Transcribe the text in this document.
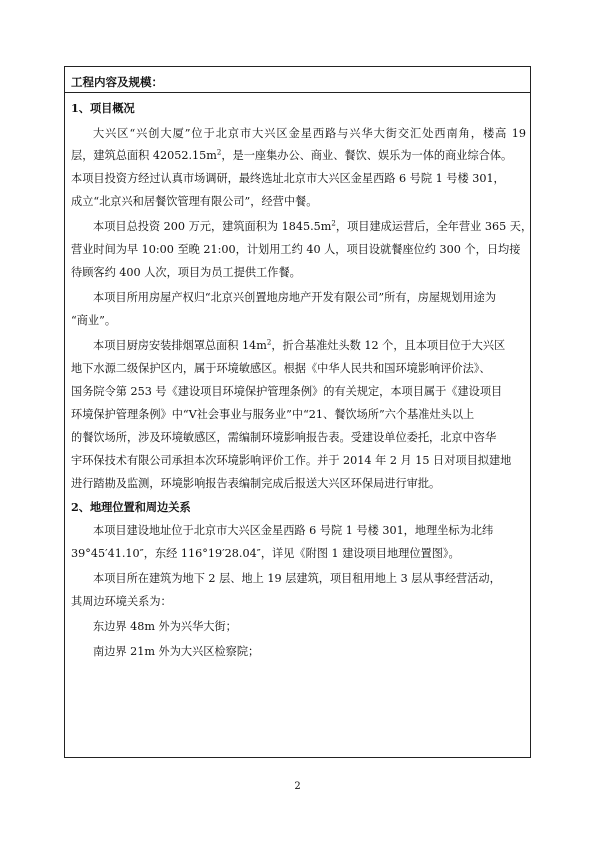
工程内容及规模：
1、项目概况
大兴区“兴创大厦”位于北京市大兴区金星西路与兴华大街交汇处西南角，楼高 19
层，建筑总面积 $42052.15m^2$，是一座集办公、商业、餐饮、娱乐为一体的商业综合体。
本项目投资方经过认真市场调研，最终选址北京市大兴区金星西路 6 号院 1 号楼 301，
成立“北京兴和居餐饮管理有限公司”，经营中餐。
本项目总投资 200 万元，建筑面积为 $1845.5m^2$，项目建成运营后，全年营业 365 天，
营业时间为早 10:00 至晚 21:00，计划用工约 40 人，项目设就餐座位约 300 个，日均接
待顾客约 400 人次，项目为员工提供工作餐。
本项目所用房屋产权归“北京兴创置地房地产开发有限公司”所有，房屋规划用途为
“商业”。
本项目厨房安装排烟罩总面积 $14m^2$，折合基准灶头数 12 个，且本项目位于大兴区
地下水源二级保护区内，属于环境敏感区。根据《中华人民共和国环境影响评价法》、
国务院令第 253 号《建设项目环境保护管理条例》的有关规定，本项目属于《建设项目
环境保护管理条例》中“Ⅴ社会事业与服务业”中“21、餐饮场所”六个基准灶头以上
的餐饮场所，涉及环境敏感区，需编制环境影响报告表。受建设单位委托，北京中咨华
宇环保技术有限公司承担本次环境影响评价工作。并于 2014 年 2 月 15 日对项目拟建地
进行踏勘及监测，环境影响报告表编制完成后报送大兴区环保局进行审批。
2、地理位置和周边关系
本项目建设地址位于北京市大兴区金星西路 6 号院 1 号楼 301，地理坐标为北纬
39°45′41.10″，东经 116°19′28.04″，详见《附图 1 建设项目地理位置图》。
本项目所在建筑为地下 2 层、地上 19 层建筑，项目租用地上 3 层从事经营活动，
其周边环境关系为：
东边界 48m 外为兴华大街；
南边界 21m 外为大兴区检察院；
2
